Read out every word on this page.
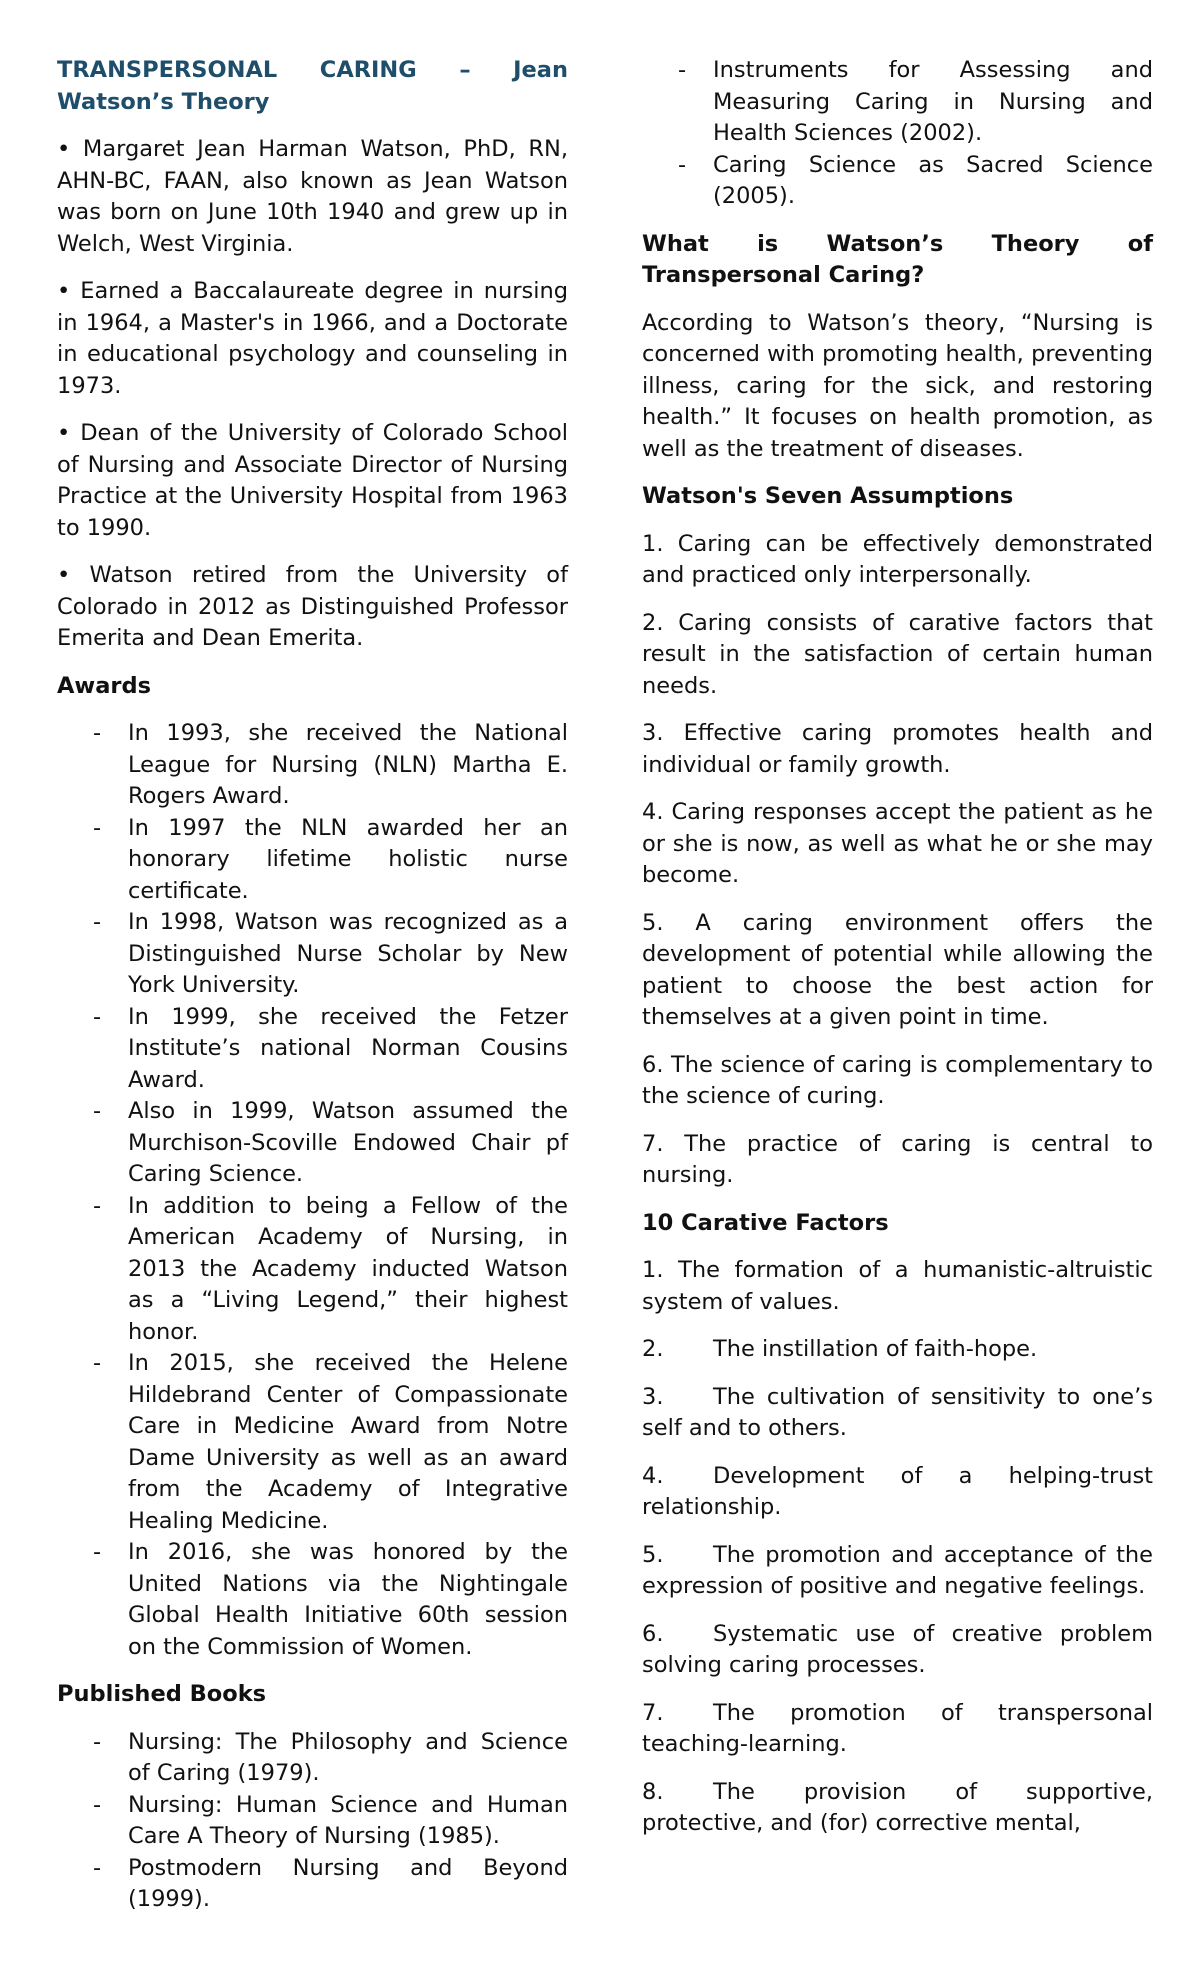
TRANSPERSONAL CARING – Jean Watson’s Theory

• Margaret Jean Harman Watson, PhD, RN, AHN-BC, FAAN, also known as Jean Watson was born on June 10th 1940 and grew up in Welch, West Virginia.

• Earned a Baccalaureate degree in nursing in 1964, a Master's in 1966, and a Doctorate in educational psychology and counseling in 1973.

• Dean of the University of Colorado School of Nursing and Associate Director of Nursing Practice at the University Hospital from 1963 to 1990.

• Watson retired from the University of Colorado in 2012 as Distinguished Professor Emerita and Dean Emerita.

Awards
- In 1993, she received the National League for Nursing (NLN) Martha E. Rogers Award.
- In 1997 the NLN awarded her an honorary lifetime holistic nurse certificate.
- In 1998, Watson was recognized as a Distinguished Nurse Scholar by New York University.
- In 1999, she received the Fetzer Institute’s national Norman Cousins Award.
- Also in 1999, Watson assumed the Murchison-Scoville Endowed Chair pf Caring Science.
- In addition to being a Fellow of the American Academy of Nursing, in 2013 the Academy inducted Watson as a “Living Legend,” their highest honor.
- In 2015, she received the Helene Hildebrand Center of Compassionate Care in Medicine Award from Notre Dame University as well as an award from the Academy of Integrative Healing Medicine.
- In 2016, she was honored by the United Nations via the Nightingale Global Health Initiative 60th session on the Commission of Women.
Published Books
- Nursing: The Philosophy and Science of Caring (1979).
- Nursing: Human Science and Human Care A Theory of Nursing (1985).
- Postmodern Nursing and Beyond (1999).
- Instruments for Assessing and Measuring Caring in Nursing and Health Sciences (2002).
- Caring Science as Sacred Science (2005).
What is Watson’s Theory of Transpersonal Caring?

According to Watson’s theory, “Nursing is concerned with promoting health, preventing illness, caring for the sick, and restoring health.” It focuses on health promotion, as well as the treatment of diseases.

Watson's Seven Assumptions

1. Caring can be effectively demonstrated and practiced only interpersonally.

2. Caring consists of carative factors that result in the satisfaction of certain human needs.

3. Effective caring promotes health and individual or family growth.

4. Caring responses accept the patient as he or she is now, as well as what he or she may become.

5. A caring environment offers the development of potential while allowing the patient to choose the best action for themselves at a given point in time.

6. The science of caring is complementary to the science of curing.

7. The practice of caring is central to nursing.

10 Carative Factors

1. The formation of a humanistic-altruistic system of values.

2. The instillation of faith-hope.

3. The cultivation of sensitivity to one’s self and to others.

4. Development of a helping-trust relationship.

5. The promotion and acceptance of the expression of positive and negative feelings.

6. Systematic use of creative problem solving caring processes.

7. The promotion of transpersonal teaching-learning.

8. The provision of supportive, protective, and (for) corrective mental,
